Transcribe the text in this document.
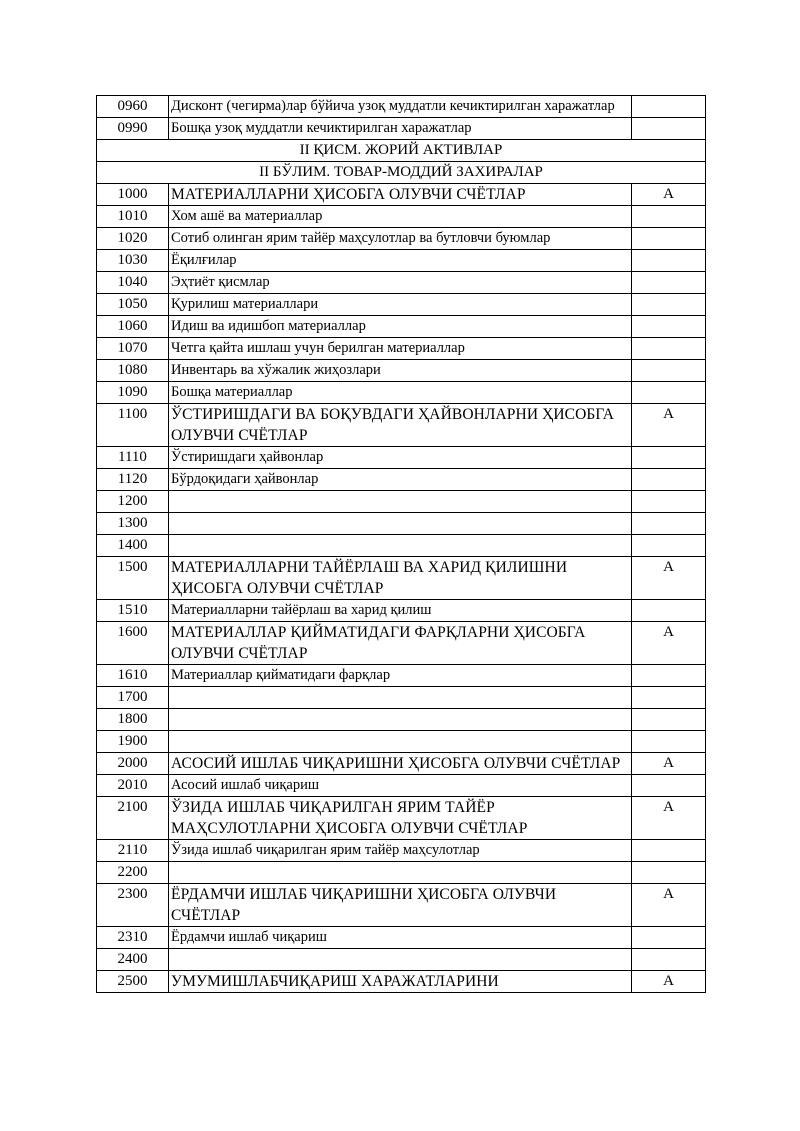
0960	Дисконт (чегирма)лар бўйича узоқ муддатли кечиктирилган харажатлар	
0990	Бошқа узоқ муддатли кечиктирилган харажатлар	
II ҚИСМ. ЖОРИЙ АКТИВЛАР		
II БЎЛИМ. ТОВАР-МОДДИЙ ЗАХИРАЛАР		
1000	МАТЕРИАЛЛАРНИ ҲИСОБГА ОЛУВЧИ СЧЁТЛАР	А
1010	Хом ашё ва материаллар	
1020	Сотиб олинган ярим тайёр маҳсулотлар ва бутловчи буюмлар	
1030	Ёқилғилар	
1040	Эҳтиёт қисмлар	
1050	Қурилиш материаллари	
1060	Идиш ва идишбоп материаллар	
1070	Четга қайта ишлаш учун берилган материаллар	
1080	Инвентарь ва хўжалик жиҳозлари	
1090	Бошқа материаллар	
1100	ЎСТИРИШДАГИ ВА БОҚУВДАГИ ҲАЙВОНЛАРНИ ҲИСОБГА ОЛУВЧИ СЧЁТЛАР	А
1110	Ўстиришдаги ҳайвонлар	
1120	Бўрдоқидаги ҳайвонлар	
1200		
1300		
1400		
1500	МАТЕРИАЛЛАРНИ ТАЙЁРЛАШ ВА ХАРИД ҚИЛИШНИ ҲИСОБГА ОЛУВЧИ СЧЁТЛАР	А
1510	Материалларни тайёрлаш ва харид қилиш	
1600	МАТЕРИАЛЛАР ҚИЙМАТИДАГИ ФАРҚЛАРНИ ҲИСОБГА ОЛУВЧИ СЧЁТЛАР	А
1610	Материаллар қийматидаги фарқлар	
1700		
1800		
1900		
2000	АСОСИЙ ИШЛАБ ЧИҚАРИШНИ ҲИСОБГА ОЛУВЧИ СЧЁТЛАР	А
2010	Асосий ишлаб чиқариш	
2100	ЎЗИДА ИШЛАБ ЧИҚАРИЛГАН ЯРИМ ТАЙЁР МАҲСУЛОТЛАРНИ ҲИСОБГА ОЛУВЧИ СЧЁТЛАР	А
2110	Ўзида ишлаб чиқарилган ярим тайёр маҳсулотлар	
2200		
2300	ЁРДАМЧИ ИШЛАБ ЧИҚАРИШНИ ҲИСОБГА ОЛУВЧИ СЧЁТЛАР	А
2310	Ёрдамчи ишлаб чиқариш	
2400		
2500	УМУМИШЛАБЧИҚАРИШ ХАРАЖАТЛАРИНИ	А
